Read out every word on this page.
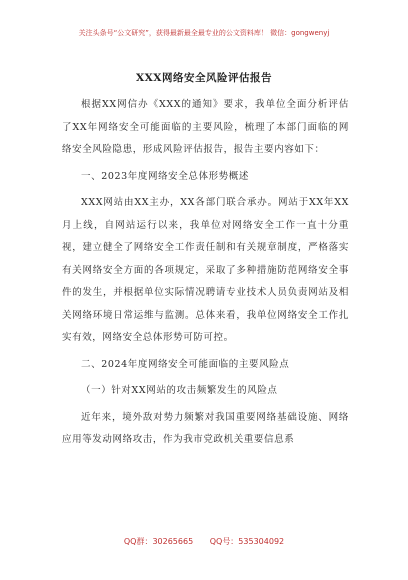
关注头条号“公文研究”，获得最新最全最专业的公文资料库！ 微信：gongwenyj
XXX网络安全风险评估报告

根据XX网信办《XXX的通知》要求，我单位全面分析评估了XX年网络安全可能面临的主要风险，梳理了本部门面临的网络安全风险隐患，形成风险评估报告，报告主要内容如下：

一、2023年度网络安全总体形势概述

XXX网站由XX主办，XX各部门联合承办。网站于XX年XX月上线，自网站运行以来，我单位对网络安全工作一直十分重视，建立健全了网络安全工作责任制和有关规章制度，严格落实有关网络安全方面的各项规定，采取了多种措施防范网络安全事件的发生，并根据单位实际情况聘请专业技术人员负责网站及相关网络环境日常运维与监测。总体来看，我单位网络安全工作扎实有效，网络安全总体形势可防可控。

二、2024年度网络安全可能面临的主要风险点

（一）针对XX网站的攻击频繁发生的风险点

近年来，境外敌对势力频繁对我国重要网络基础设施、网络应用等发动网络攻击，作为我市党政机关重要信息系

QQ群：30265665 QQ号：535304092
